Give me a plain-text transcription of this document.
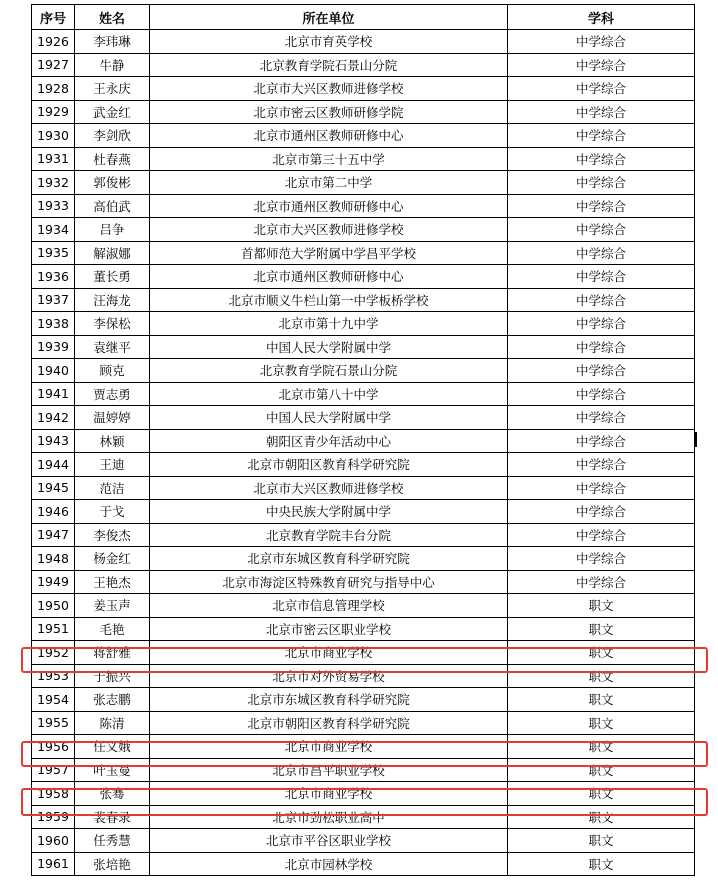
序号	姓名	所在单位	学科
1926	李玮琳	北京市育英学校	中学综合
1927	牛静	北京教育学院石景山分院	中学综合
1928	王永庆	北京市大兴区教师进修学校	中学综合
1929	武金红	北京市密云区教师研修学院	中学综合
1930	李剑欣	北京市通州区教师研修中心	中学综合
1931	杜春燕	北京市第三十五中学	中学综合
1932	郭俊彬	北京市第二中学	中学综合
1933	高伯武	北京市通州区教师研修中心	中学综合
1934	吕争	北京市大兴区教师进修学校	中学综合
1935	解淑娜	首都师范大学附属中学昌平学校	中学综合
1936	董长勇	北京市通州区教师研修中心	中学综合
1937	汪海龙	北京市顺义牛栏山第一中学板桥学校	中学综合
1938	李保松	北京市第十九中学	中学综合
1939	袁继平	中国人民大学附属中学	中学综合
1940	顾克	北京教育学院石景山分院	中学综合
1941	贾志勇	北京市第八十中学	中学综合
1942	温婷婷	中国人民大学附属中学	中学综合
1943	林颖	朝阳区青少年活动中心	中学综合
1944	王迪	北京市朝阳区教育科学研究院	中学综合
1945	范洁	北京市大兴区教师进修学校	中学综合
1946	于戈	中央民族大学附属中学	中学综合
1947	李俊杰	北京教育学院丰台分院	中学综合
1948	杨金红	北京市东城区教育科学研究院	中学综合
1949	王艳杰	北京市海淀区特殊教育研究与指导中心	中学综合
1950	姜玉声	北京市信息管理学校	职文
1951	毛艳	北京市密云区职业学校	职文
1952	蒋舒雅	北京市商业学校	职文
1953	于振兴	北京市对外贸易学校	职文
1954	张志鹏	北京市东城区教育科学研究院	职文
1955	陈清	北京市朝阳区教育科学研究院	职文
1956	任义娥	北京市商业学校	职文
1957	叶玉曼	北京市昌平职业学校	职文
1958	张骞	北京市商业学校	职文
1959	裴春录	北京市劲松职业高中	职文
1960	任秀慧	北京市平谷区职业学校	职文
1961	张培艳	北京市园林学校	职文
